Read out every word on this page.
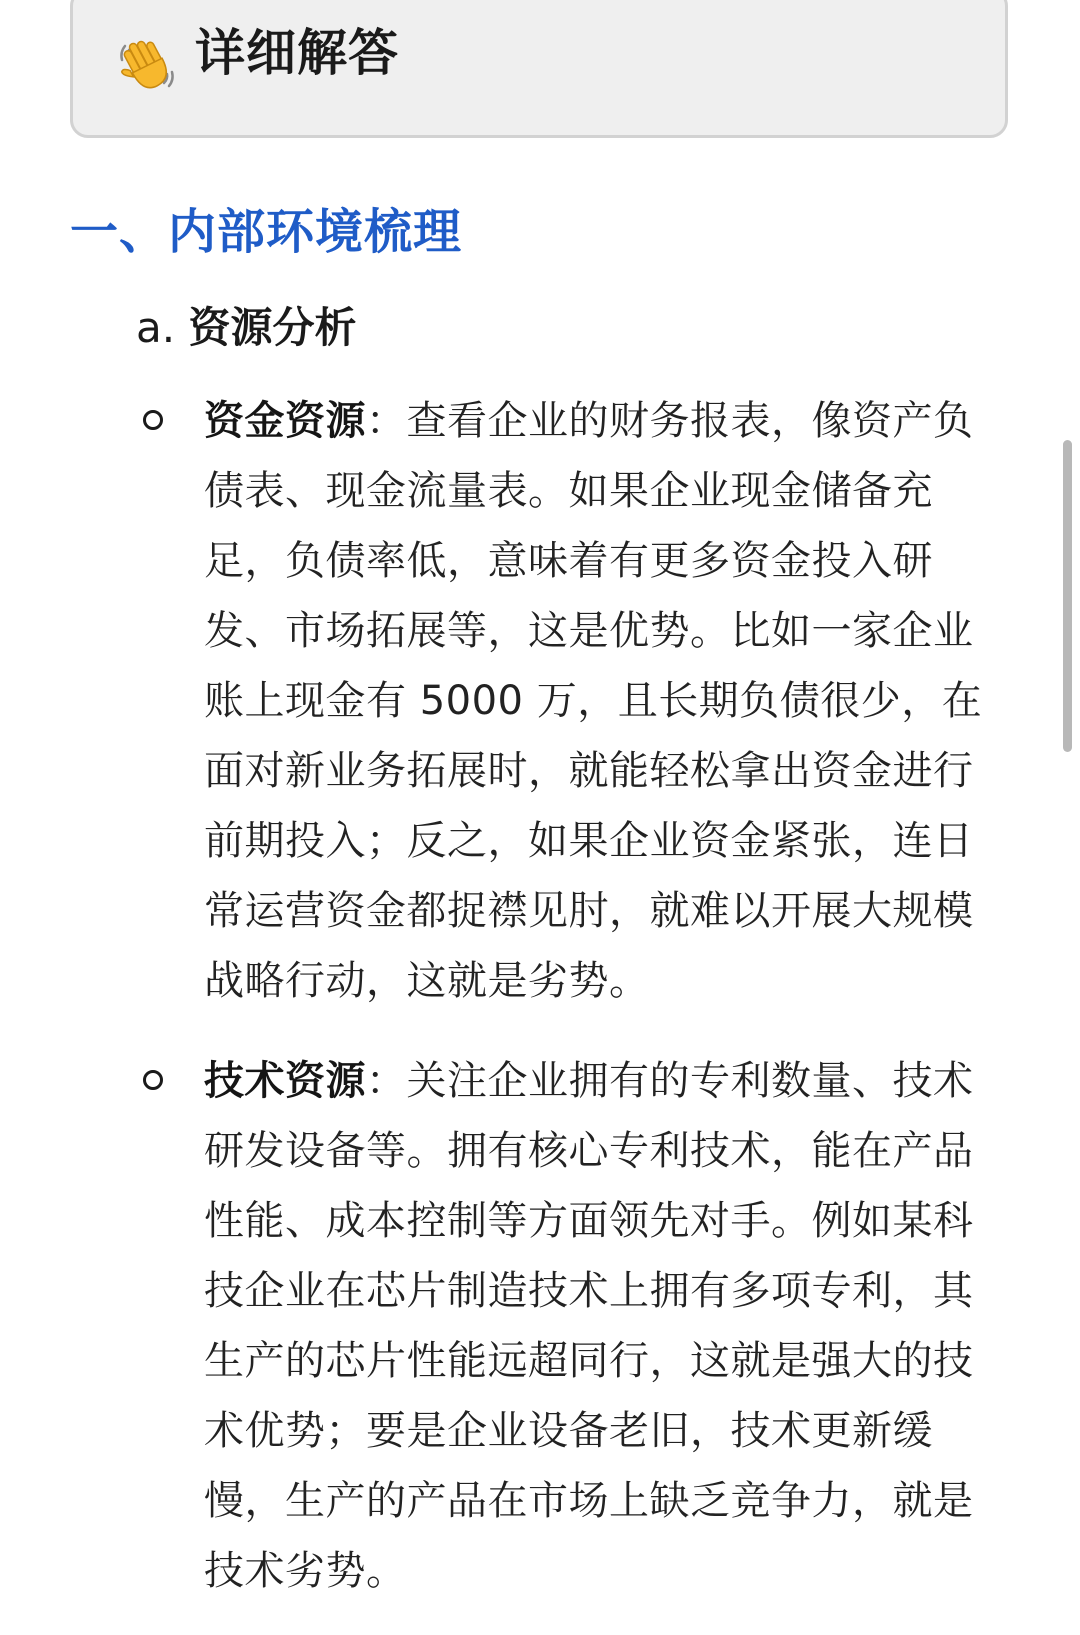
详细解答
一、内部环境梳理
a. 资源分析
资金资源：查看企业的财务报表，像资产负债表、现金流量表。如果企业现金储备充足，负债率低，意味着有更多资金投入研发、市场拓展等，这是优势。比如一家企业账上现金有 5000 万，且长期负债很少，在面对新业务拓展时，就能轻松拿出资金进行前期投入；反之，如果企业资金紧张，连日常运营资金都捉襟见肘，就难以开展大规模战略行动，这就是劣势。
技术资源：关注企业拥有的专利数量、技术研发设备等。拥有核心专利技术，能在产品性能、成本控制等方面领先对手。例如某科技企业在芯片制造技术上拥有多项专利，其生产的芯片性能远超同行，这就是强大的技术优势；要是企业设备老旧，技术更新缓慢，生产的产品在市场上缺乏竞争力，就是技术劣势。
